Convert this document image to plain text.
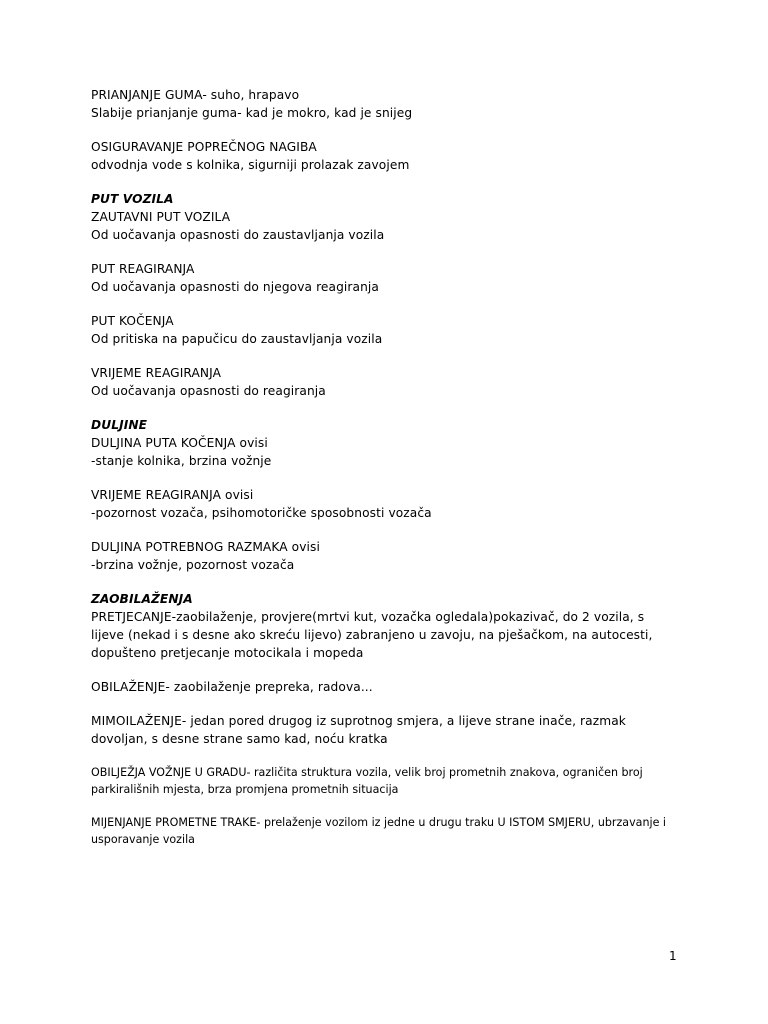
PRIANJANJE GUMA- suho, hrapavo
Slabije prianjanje guma- kad je mokro, kad je snijeg
OSIGURAVANJE POPREČNOG NAGIBA
odvodnja vode s kolnika, sigurniji prolazak zavojem
PUT VOZILA
ZAUTAVNI PUT VOZILA
Od uočavanja opasnosti do zaustavljanja vozila
PUT REAGIRANJA
Od uočavanja opasnosti do njegova reagiranja
PUT KOČENJA
Od pritiska na papučicu do zaustavljanja vozila
VRIJEME REAGIRANJA
Od uočavanja opasnosti do reagiranja
DULJINE
DULJINA PUTA KOČENJA ovisi
-stanje kolnika, brzina vožnje
VRIJEME REAGIRANJA ovisi
-pozornost vozača, psihomotoričke sposobnosti vozača
DULJINA POTREBNOG RAZMAKA ovisi
-brzina vožnje, pozornost vozača
ZAOBILAŽENJA
PRETJECANJE-zaobilaženje, provjere(mrtvi kut, vozačka ogledala)pokazivač, do 2 vozila, s lijeve (nekad i s desne ako skreću lijevo) zabranjeno u zavoju, na pješačkom, na autocesti, dopušteno pretjecanje motocikala i mopeda
OBILAŽENJE- zaobilaženje prepreka, radova...
MIMOILAŽENJE- jedan pored drugog iz suprotnog smjera, a lijeve strane inače, razmak dovoljan, s desne strane samo kad, noću kratka
OBILJEŽJA VOŽNJE U GRADU- različita struktura vozila, velik broj prometnih znakova, ograničen broj parkirališnih mjesta, brza promjena prometnih situacija
MIJENJANJE PROMETNE TRAKE- prelaženje vozilom iz jedne u drugu traku U ISTOM SMJERU, ubrzavanje i usporavanje vozila
1
